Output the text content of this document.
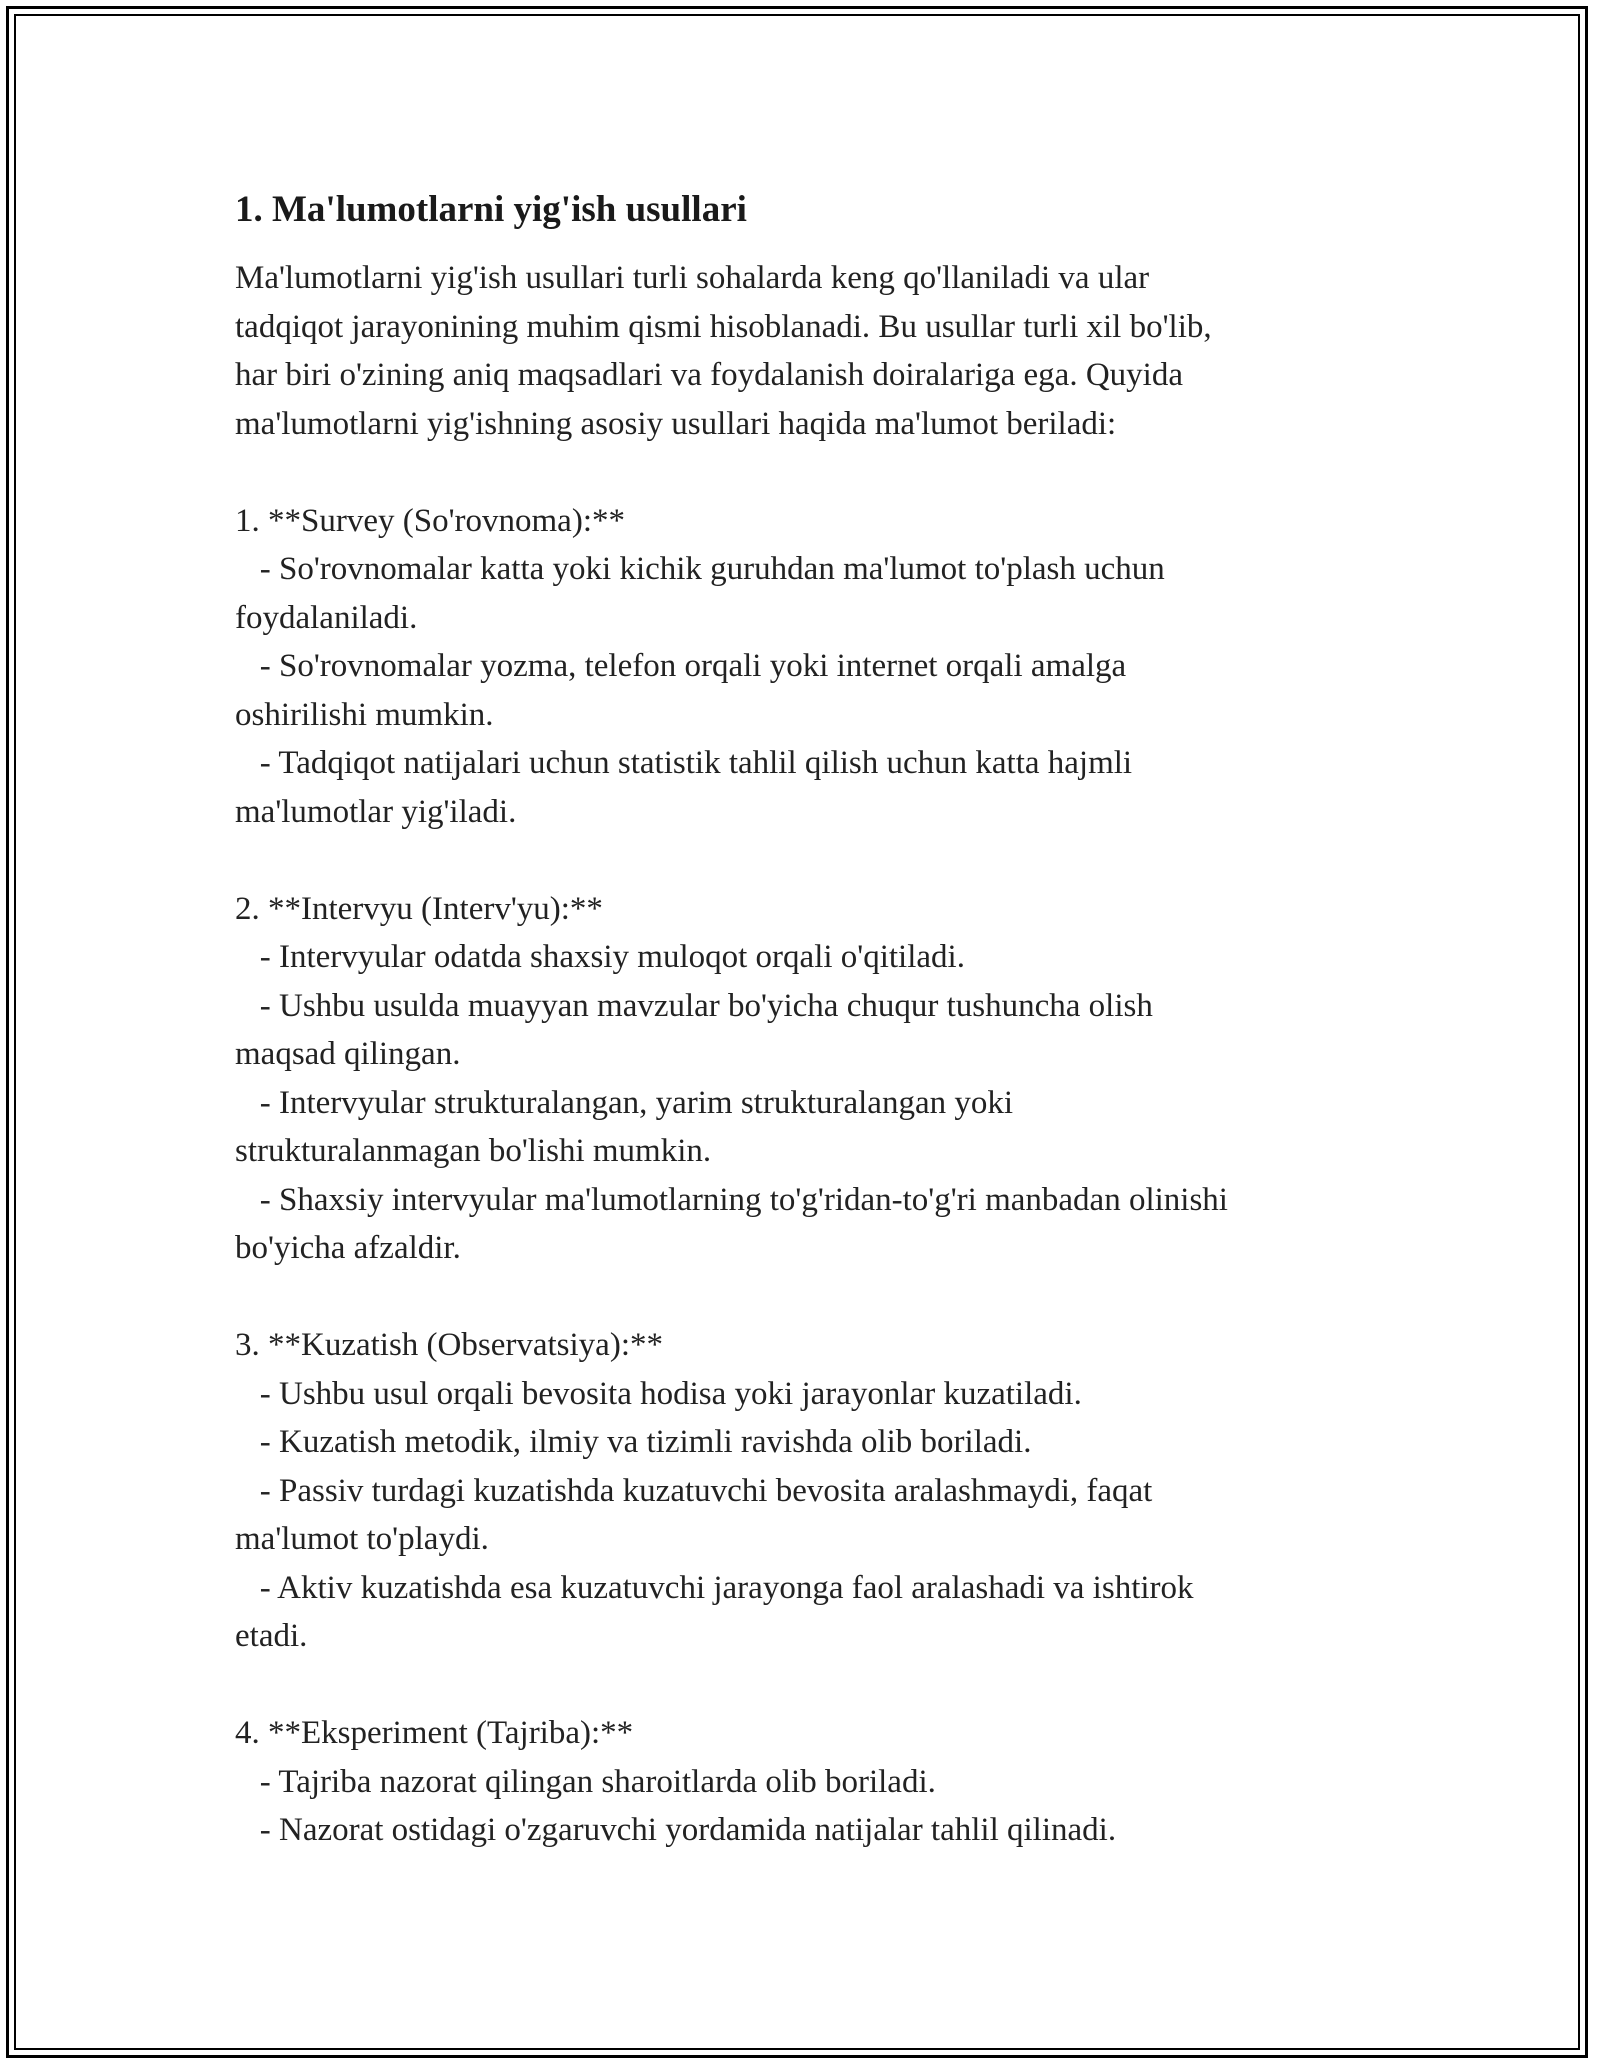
1. Ma'lumotlarni yig'ish usullari

Ma'lumotlarni yig'ish usullari turli sohalarda keng qo'llaniladi va ular
tadqiqot jarayonining muhim qismi hisoblanadi. Bu usullar turli xil bo'lib,
har biri o'zining aniq maqsadlari va foydalanish doiralariga ega. Quyida
ma'lumotlarni yig'ishning asosiy usullari haqida ma'lumot beriladi:

1. **Survey (So'rovnoma):**
- So'rovnomalar katta yoki kichik guruhdan ma'lumot to'plash uchun
foydalaniladi.
- So'rovnomalar yozma, telefon orqali yoki internet orqali amalga
oshirilishi mumkin.
- Tadqiqot natijalari uchun statistik tahlil qilish uchun katta hajmli
ma'lumotlar yig'iladi.

2. **Intervyu (Interv'yu):**
- Intervyular odatda shaxsiy muloqot orqali o'qitiladi.
- Ushbu usulda muayyan mavzular bo'yicha chuqur tushuncha olish
maqsad qilingan.
- Intervyular strukturalangan, yarim strukturalangan yoki
strukturalanmagan bo'lishi mumkin.
- Shaxsiy intervyular ma'lumotlarning to'g'ridan-to'g'ri manbadan olinishi
bo'yicha afzaldir.

3. **Kuzatish (Observatsiya):**
- Ushbu usul orqali bevosita hodisa yoki jarayonlar kuzatiladi.
- Kuzatish metodik, ilmiy va tizimli ravishda olib boriladi.
- Passiv turdagi kuzatishda kuzatuvchi bevosita aralashmaydi, faqat
ma'lumot to'playdi.
- Aktiv kuzatishda esa kuzatuvchi jarayonga faol aralashadi va ishtirok
etadi.

4. **Eksperiment (Tajriba):**
- Tajriba nazorat qilingan sharoitlarda olib boriladi.
- Nazorat ostidagi o'zgaruvchi yordamida natijalar tahlil qilinadi.
